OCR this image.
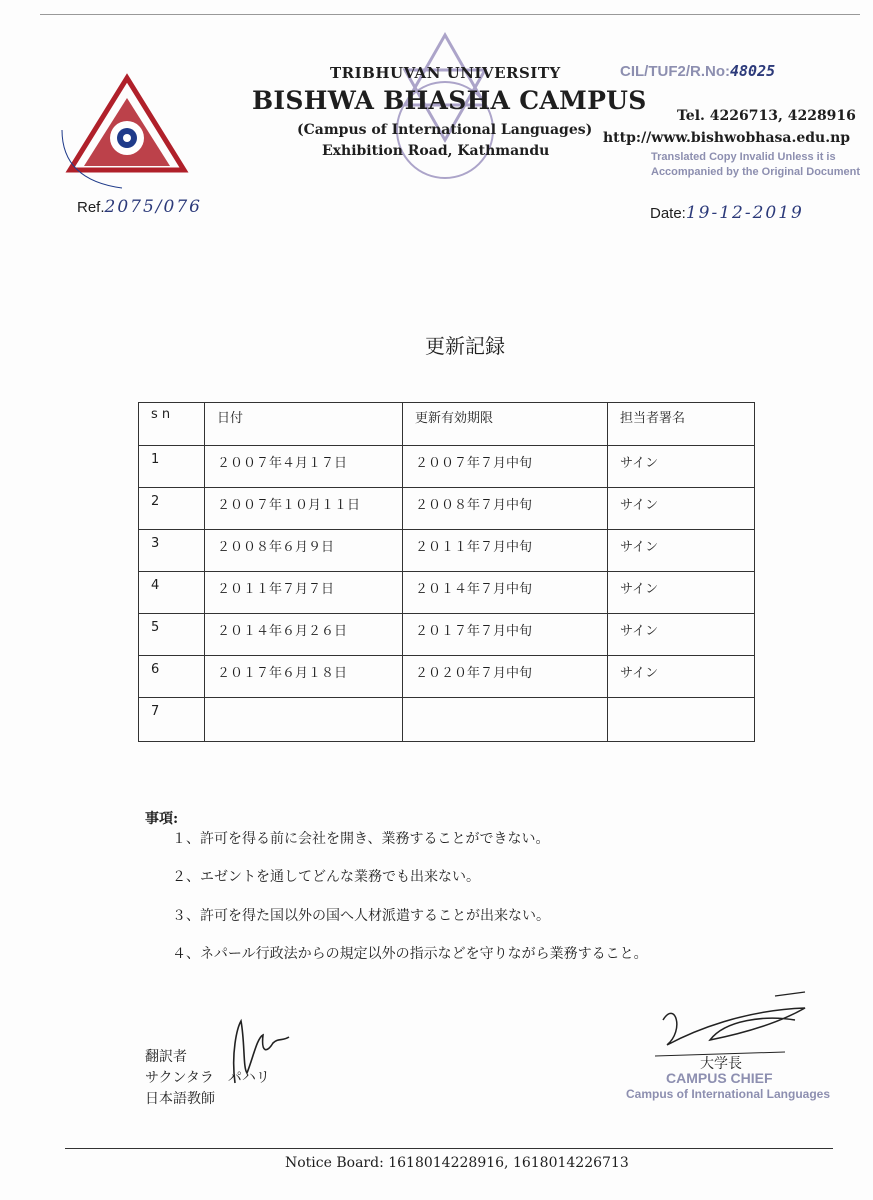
TRIBHUVAN UNIVERSITY
BISHWA BHASHA CAMPUS
(Campus of International Languages)
Exhibition Road, Kathmandu
CIL/TUF2/R.No:48025
Tel. 4226713, 4228916
http://www.bishwobhasa.edu.np
Translated Copy Invalid Unless it is
Accompanied by the Original Document
Ref.2075/076	Date:19-12-2019
更新記録
s n	日付	更新有効期限	担当者署名
1	２００７年４月１７日	２００７年７月中旬	サイン
2	２００７年１０月１１日	２００８年７月中旬	サイン
3	２００８年６月９日	２０１１年７月中旬	サイン
4	２０１１年７月７日	２０１４年７月中旬	サイン
5	２０１４年６月２６日	２０１７年７月中旬	サイン
6	２０１７年６月１８日	２０２０年７月中旬	サイン
7			
事項:
１、許可を得る前に会社を開き、業務することができない。
２、エゼントを通してどんな業務でも出来ない。
３、許可を得た国以外の国へ人材派遣することが出来ない。
４、ネパール行政法からの規定以外の指示などを守りながら業務すること。
翻訳者
サクンタラ　パハリ
日本語教師
大学長
CAMPUS CHIEF
Campus of International Languages
Notice Board: 1618014228916, 1618014226713
